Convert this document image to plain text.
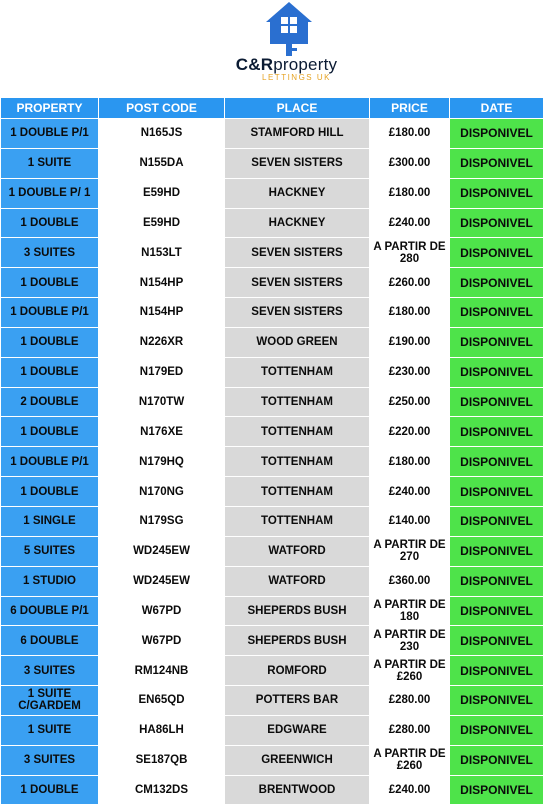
C&Rproperty
LETTINGS UK
PROPERTY	POST CODE	PLACE	PRICE	DATE
1 DOUBLE P/1	N165JS	STAMFORD HILL	£180.00	DISPONIVEL
1 SUITE	N155DA	SEVEN SISTERS	£300.00	DISPONIVEL
1 DOUBLE P/ 1	E59HD	HACKNEY	£180.00	DISPONIVEL
1 DOUBLE	E59HD	HACKNEY	£240.00	DISPONIVEL
3 SUITES	N153LT	SEVEN SISTERS	A PARTIR DE 280	DISPONIVEL
1 DOUBLE	N154HP	SEVEN SISTERS	£260.00	DISPONIVEL
1 DOUBLE P/1	N154HP	SEVEN SISTERS	£180.00	DISPONIVEL
1 DOUBLE	N226XR	WOOD GREEN	£190.00	DISPONIVEL
1 DOUBLE	N179ED	TOTTENHAM	£230.00	DISPONIVEL
2 DOUBLE	N170TW	TOTTENHAM	£250.00	DISPONIVEL
1 DOUBLE	N176XE	TOTTENHAM	£220.00	DISPONIVEL
1 DOUBLE P/1	N179HQ	TOTTENHAM	£180.00	DISPONIVEL
1 DOUBLE	N170NG	TOTTENHAM	£240.00	DISPONIVEL
1 SINGLE	N179SG	TOTTENHAM	£140.00	DISPONIVEL
5 SUITES	WD245EW	WATFORD	A PARTIR DE 270	DISPONIVEL
1 STUDIO	WD245EW	WATFORD	£360.00	DISPONIVEL
6 DOUBLE P/1	W67PD	SHEPERDS BUSH	A PARTIR DE 180	DISPONIVEL
6 DOUBLE	W67PD	SHEPERDS BUSH	A PARTIR DE 230	DISPONIVEL
3 SUITES	RM124NB	ROMFORD	A PARTIR DE £260	DISPONIVEL
1 SUITE C/GARDEM	EN65QD	POTTERS BAR	£280.00	DISPONIVEL
1 SUITE	HA86LH	EDGWARE	£280.00	DISPONIVEL
3 SUITES	SE187QB	GREENWICH	A PARTIR DE £260	DISPONIVEL
1 DOUBLE	CM132DS	BRENTWOOD	£240.00	DISPONIVEL
